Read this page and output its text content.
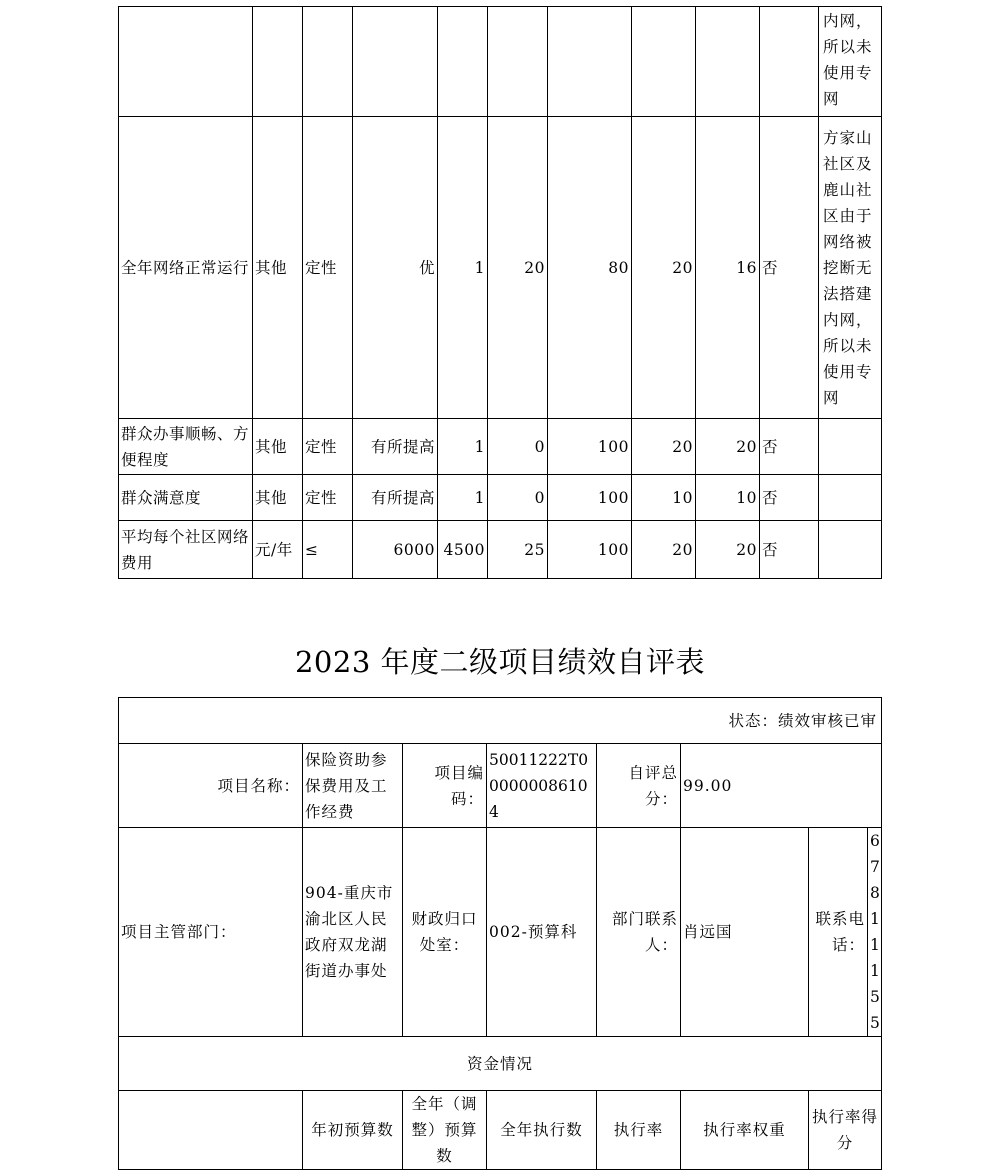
										内网，所以未使用专网
全年网络正常运行	其他	定性	优	1	20	80	20	16	否	方家山社区及鹿山社区由于网络被挖断无法搭建内网，所以未使用专网
群众办事顺畅、方便程度	其他	定性	有所提高	1	0	100	20	20	否	
群众满意度	其他	定性	有所提高	1	0	100	10	10	否	
平均每个社区网络费用	元/年	≤	6000	4500	25	100	20	20	否	
2023 年度二级项目绩效自评表
状态：绩效审核已审							
项目名称：	保险资助参保费用及工作经费	项目编码：	50011222T000000086104	自评总分：	99.00		
项目主管部门：	904-重庆市渝北区人民政府双龙湖街道办事处	财政归口处室：	002-预算科	部门联系人：	肖远国	联系电话：	67811155
资金情况							
	年初预算数	全年（调整）预算数	全年执行数	执行率	执行率权重	执行率得分	
